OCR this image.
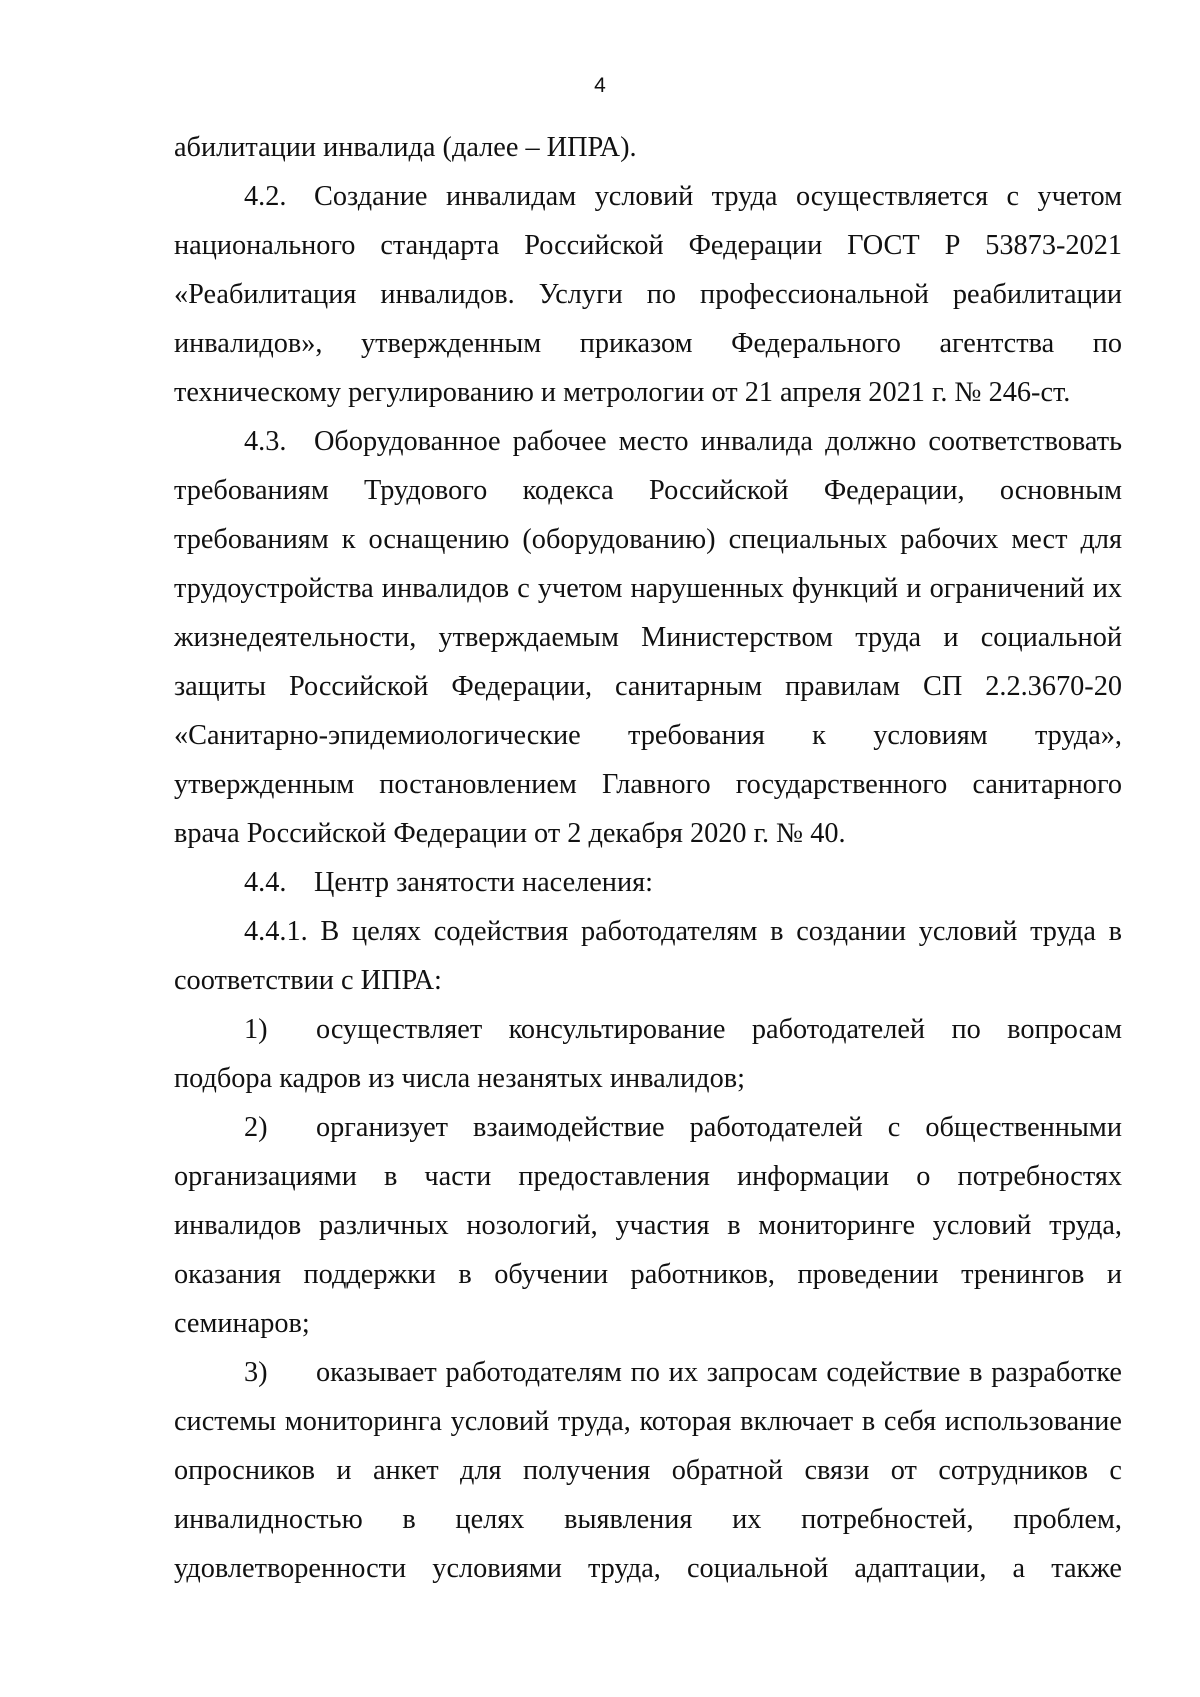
4

абилитации инвалида (далее – ИПРА).

4.2. Создание инвалидам условий труда осуществляется с учетом национального стандарта Российской Федерации ГОСТ Р 53873-2021 «Реабилитация инвалидов. Услуги по профессиональной реабилитации инвалидов», утвержденным приказом Федерального агентства по техническому регулированию и метрологии от 21 апреля 2021 г. № 246-ст.

4.3. Оборудованное рабочее место инвалида должно соответствовать требованиям Трудового кодекса Российской Федерации, основным требованиям к оснащению (оборудованию) специальных рабочих мест для трудоустройства инвалидов с учетом нарушенных функций и ограничений их жизнедеятельности, утверждаемым Министерством труда и социальной защиты Российской Федерации, санитарным правилам СП 2.2.3670-20 «Санитарно-эпидемиологические требования к условиям труда», утвержденным постановлением Главного государственного санитарного врача Российской Федерации от 2 декабря 2020 г. № 40.

4.4. Центр занятости населения:

4.4.1. В целях содействия работодателям в создании условий труда в соответствии с ИПРА:

1) осуществляет консультирование работодателей по вопросам подбора кадров из числа незанятых инвалидов;

2) организует взаимодействие работодателей с общественными организациями в части предоставления информации о потребностях инвалидов различных нозологий, участия в мониторинге условий труда, оказания поддержки в обучении работников, проведении тренингов и семинаров;

3) оказывает работодателям по их запросам содействие в разработке системы мониторинга условий труда, которая включает в себя использование опросников и анкет для получения обратной связи от сотрудников с инвалидностью в целях выявления их потребностей, проблем, удовлетворенности условиями труда, социальной адаптации, а также
